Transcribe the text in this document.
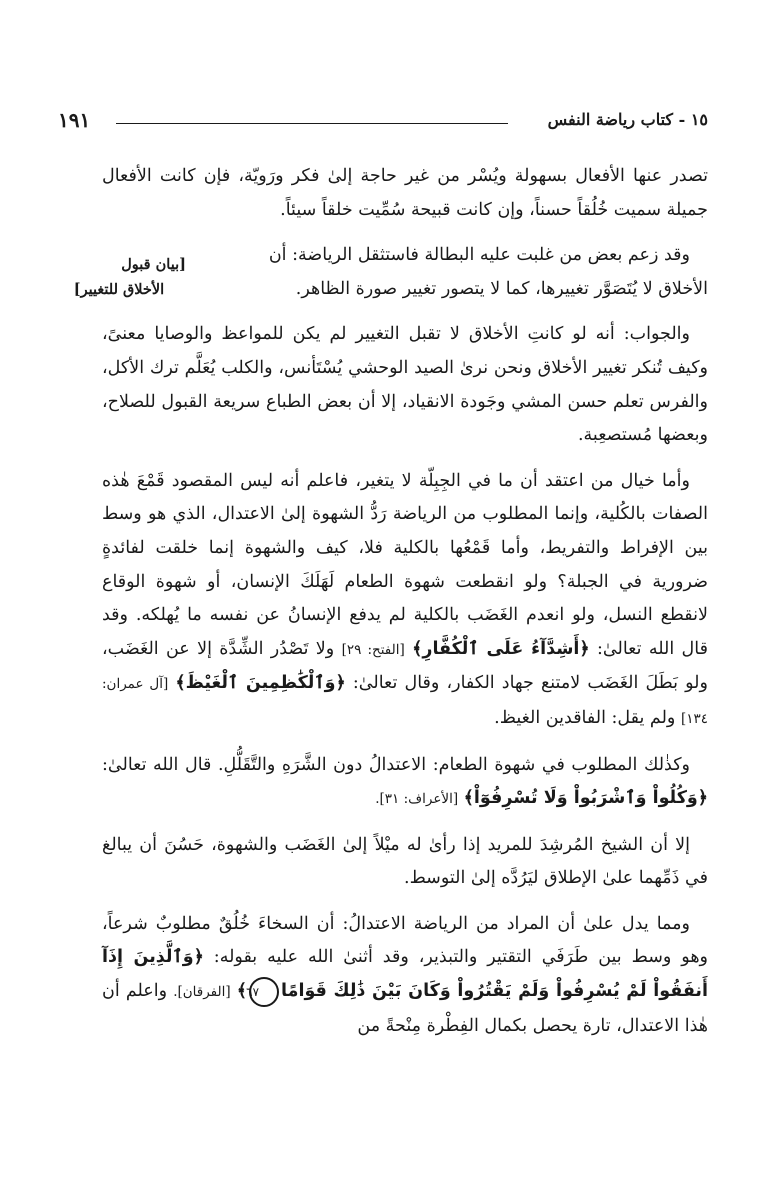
١٥ - كتاب رياضة النفس
١٩١
[بيان قبول
الأخلاق للتغيير]

تصدر عنها الأفعال بسهولة ويُسْر من غير حاجة إلىٰ فكر ورَويّة، فإن كانت الأفعال جميلة سميت خُلُقاً حسناً، وإن كانت قبيحة سُمِّيت خلقاً سيئاً.

وقد زعم بعض من غلبت عليه البطالة فاستثقل الرياضة: أن

الأخلاق لا يُتَصَوَّر تغييرها، كما لا يتصور تغيير صورة الظاهر.

والجواب: أنه لو كانتِ الأخلاق لا تقبل التغيير لم يكن للمواعظ والوصايا معنىً، وكيف تُنكر تغيير الأخلاق ونحن نرىٰ الصيد الوحشي يُسْتَأنس، والكلب يُعَلَّم ترك الأكل، والفرس تعلم حسن المشي وجَودة الانقياد، إلا أن بعض الطباع سريعة القبول للصلاح، وبعضها مُستصعِبة.

وأما خيال من اعتقد أن ما في الجِبِلّة لا يتغير، فاعلم أنه ليس المقصود قَمْعَ هٰذه الصفات بالكُلية، وإنما المطلوب من الرياضة رَدُّ الشهوة إلىٰ الاعتدال، الذي هو وسط بين الإفراط والتفريط، وأما قَمْعُها بالكلية فلا، كيف والشهوة إنما خلقت لفائدةٍ ضرورية في الجبلة؟ ولو انقطعت شهوة الطعام لَهَلَكَ الإنسان، أو شهوة الوقاع لانقطع النسل، ولو انعدم الغَضَب بالكلية لم يدفع الإنسانُ عن نفسه ما يُهلكه. وقد قال الله تعالىٰ: ﴿أَشِدَّآءُ عَلَى ٱلْكُفَّارِ﴾ [الفتح: ٢٩] ولا تَصْدُر الشِّدَّة إلا عن الغَضَب، ولو بَطَلَ الغَضَب لامتنع جهاد الكفار، وقال تعالىٰ: ﴿وَٱلْكَٰظِمِينَ ٱلْغَيْظَ﴾ [آل عمران: ١٣٤] ولم يقل: الفاقدين الغيظ.

وكذٰلك المطلوب في شهوة الطعام: الاعتدالُ دون الشَّرَهِ والتَّقَلُّلِ. قال الله تعالىٰ: ﴿وَكُلُواْ وَٱشْرَبُواْ وَلَا تُسْرِفُوٓاْ﴾ [الأعراف: ٣١].

إلا أن الشيخ المُرشِدَ للمريد إذا رأىٰ له ميْلاً إلىٰ الغَضَب والشهوة، حَسُنَ أن يبالغ في ذَمِّهما علىٰ الإطلاق ليَرُدَّه إلىٰ التوسط.

ومما يدل علىٰ أن المراد من الرياضة الاعتدالُ: أن السخاءَ خُلُقٌ مطلوبٌ شرعاً، وهو وسط بين طَرَفَي التقتير والتبذير، وقد أثنىٰ الله عليه بقوله: ﴿وَٱلَّذِينَ إِذَآ أَنفَقُواْ لَمْ يُسْرِفُواْ وَلَمْ يَقْتُرُواْ وَكَانَ بَيْنَ ذَٰلِكَ قَوَامًا٦٧﴾ [الفرقان]. واعلم أن هٰذا الاعتدال، تارة يحصل بكمال الفِطْرة مِنْحةً من
